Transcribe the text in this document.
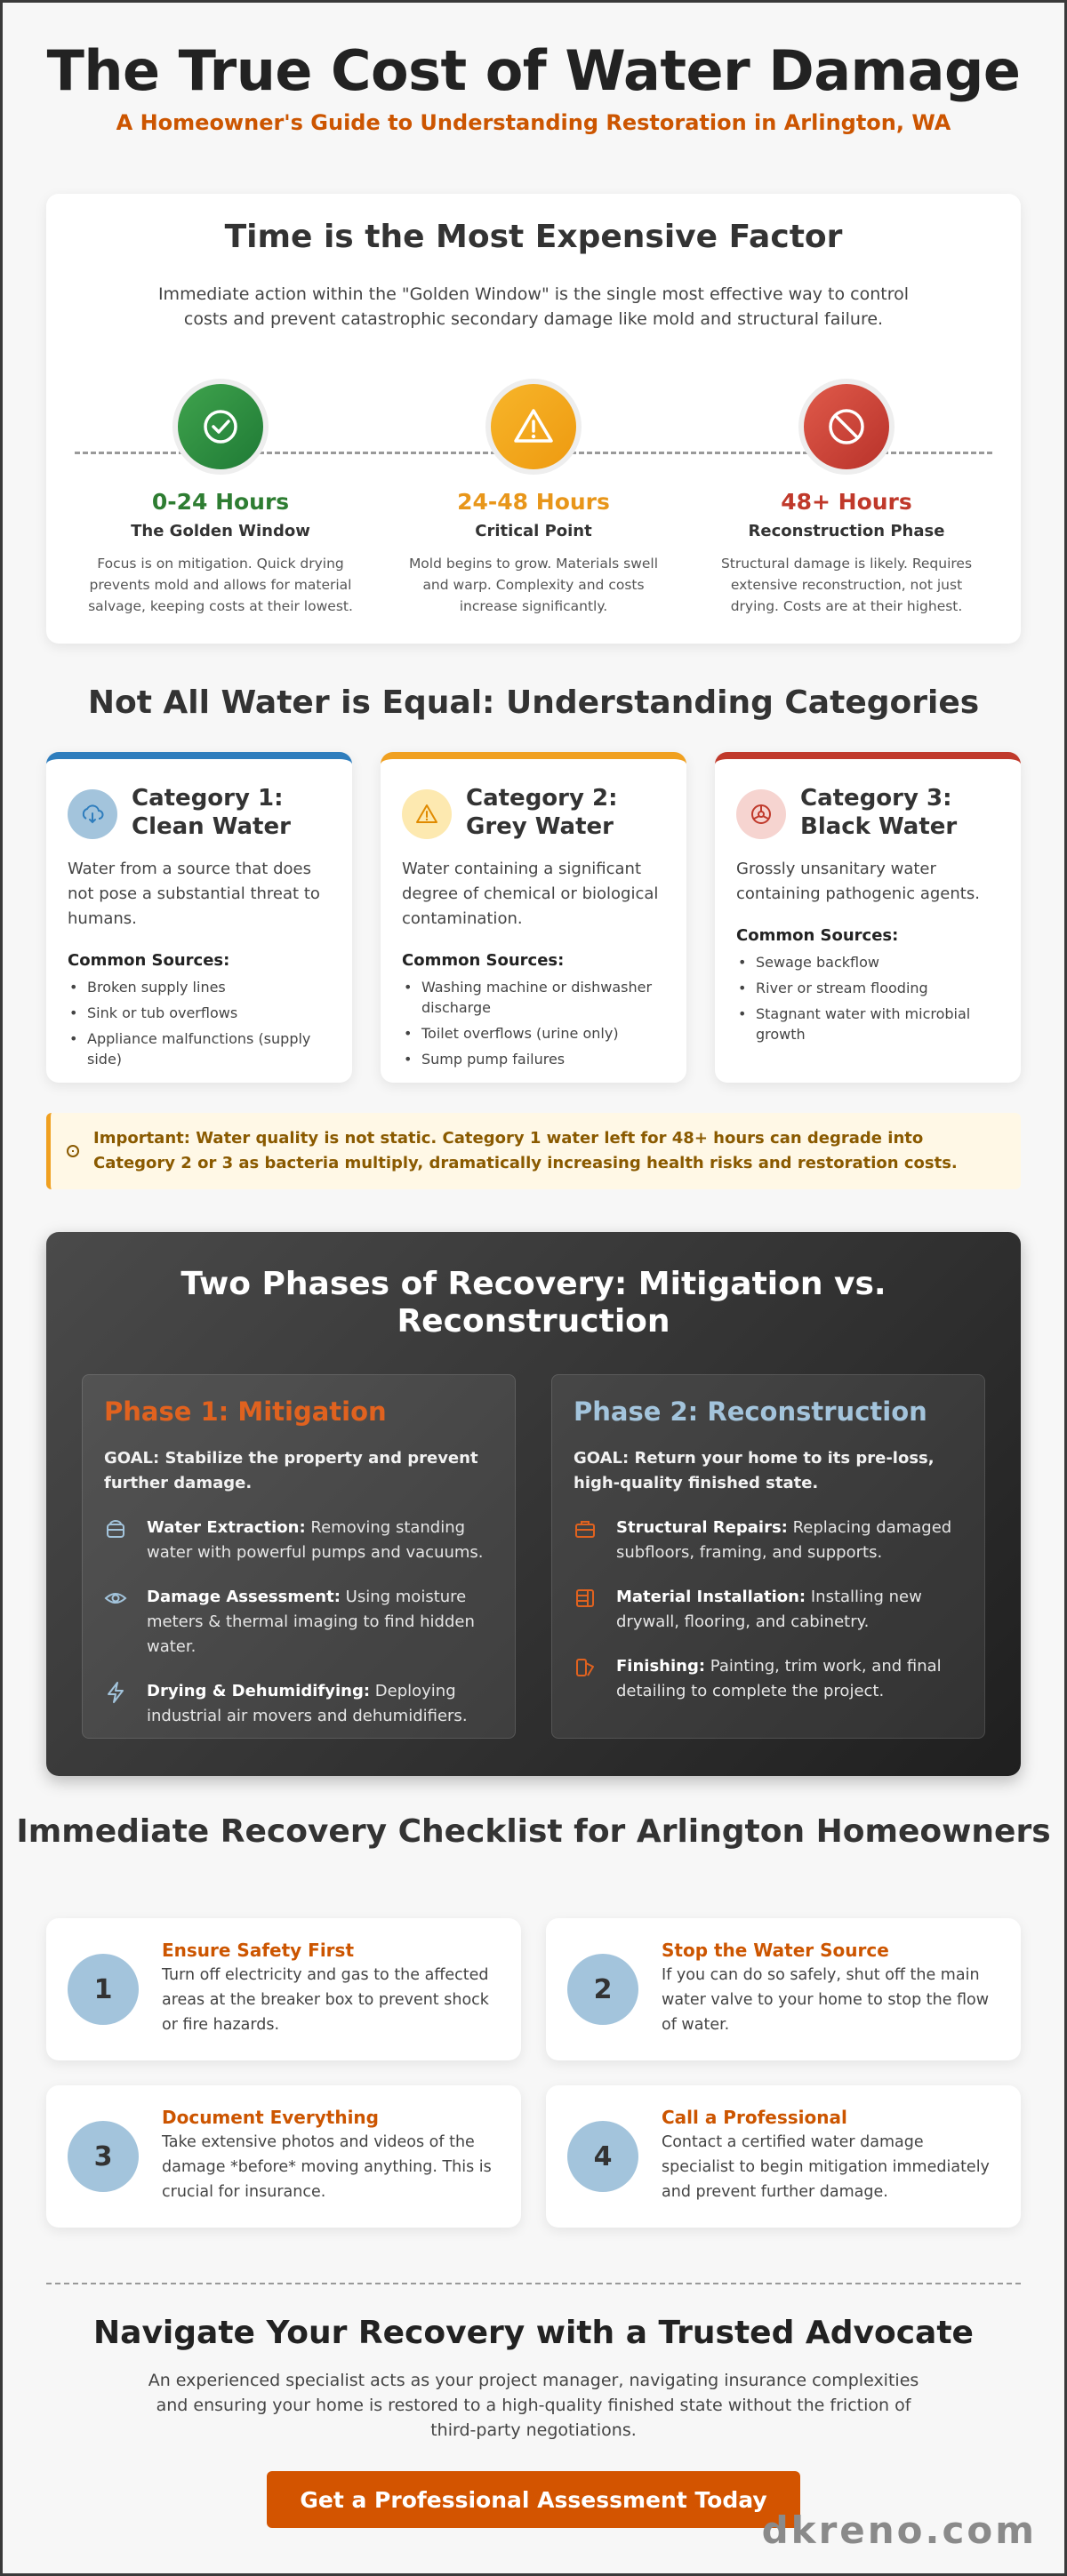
The True Cost of Water Damage
A Homeowner's Guide to Understanding Restoration in Arlington, WA
Time is the Most Expensive Factor

Immediate action within the "Golden Window" is the single most effective way to control costs and prevent catastrophic secondary damage like mold and structural failure.

0-24 Hours
The Golden Window
Focus is on mitigation. Quick drying prevents mold and allows for material salvage, keeping costs at their lowest.
24-48 Hours
Critical Point
Mold begins to grow. Materials swell and warp. Complexity and costs increase significantly.
48+ Hours
Reconstruction Phase
Structural damage is likely. Requires extensive reconstruction, not just drying. Costs are at their highest.
Not All Water is Equal: Understanding Categories
Category 1:
Clean Water

Water from a source that does not pose a substantial threat to humans.

Common Sources:
• Broken supply lines
• Sink or tub overflows
• Appliance malfunctions (supply side)
Category 2:
Grey Water

Water containing a significant degree of chemical or biological contamination.

Common Sources:
• Washing machine or dishwasher discharge
• Toilet overflows (urine only)
• Sump pump failures
Category 3:
Black Water

Grossly unsanitary water containing pathogenic agents.

Common Sources:
• Sewage backflow
• River or stream flooding
• Stagnant water with microbial growth

Important: Water quality is not static. Category 1 water left for 48+ hours can degrade into Category 2 or 3 as bacteria multiply, dramatically increasing health risks and restoration costs.

Two Phases of Recovery: Mitigation vs. Reconstruction
Phase 1: Mitigation
GOAL: Stabilize the property and prevent further damage.
Water Extraction: Removing standing water with powerful pumps and vacuums.
Damage Assessment: Using moisture meters & thermal imaging to find hidden water.
Drying & Dehumidifying: Deploying industrial air movers and dehumidifiers.
Phase 2: Reconstruction
GOAL: Return your home to its pre-loss, high-quality finished state.
Structural Repairs: Replacing damaged subfloors, framing, and supports.
Material Installation: Installing new drywall, flooring, and cabinetry.
Finishing: Painting, trim work, and final detailing to complete the project.
Immediate Recovery Checklist for Arlington Homeowners
1
Ensure Safety First
Turn off electricity and gas to the affected areas at the breaker box to prevent shock or fire hazards.
2
Stop the Water Source
If you can do so safely, shut off the main water valve to your home to stop the flow of water.
3
Document Everything
Take extensive photos and videos of the damage *before* moving anything. This is crucial for insurance.
4
Call a Professional
Contact a certified water damage specialist to begin mitigation immediately and prevent further damage.
Navigate Your Recovery with a Trusted Advocate
An experienced specialist acts as your project manager, navigating insurance complexities and ensuring your home is restored to a high-quality finished state without the friction of third-party negotiations.
Get a Professional Assessment Today
dkreno.com
